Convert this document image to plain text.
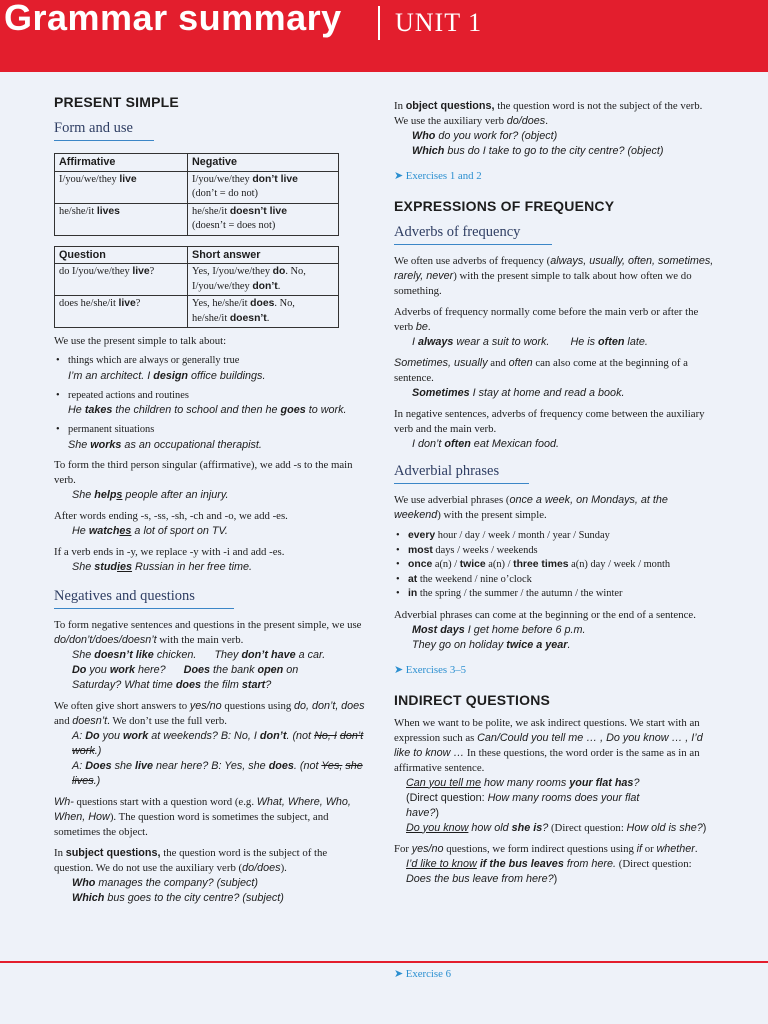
Grammar summary UNIT 1
PRESENT SIMPLE
Form and use
Affirmative	Negative
I/you/we/they live	I/you/we/they don’t live
(don’t = do not)
he/she/it lives	he/she/it doesn’t live
(doesn’t = does not)
Question	Short answer
do I/you/we/they live?	Yes, I/you/we/they do. No,
I/you/we/they don’t.
does he/she/it live?	Yes, he/she/it does. No,
he/she/it doesn’t.

We use the present simple to talk about:

• things which are always or generally true
I’m an architect. I design office buildings.
• repeated actions and routines
He takes the children to school and then he goes to work.
• permanent situations
She works as an occupational therapist.

To form the third person singular (affirmative), we add -s to the main verb.

She helps people after an injury.

After words ending -s, -ss, -sh, -ch and -o, we add -es.

He watches a lot of sport on TV.

If a verb ends in -y, we replace -y with -i and add -es.

She studies Russian in her free time.

Negatives and questions

To form negative sentences and questions in the present simple, we use do/don’t/does/doesn’t with the main verb.

She doesn’t like chicken. They don’t have a car.

Do you work here? Does the bank open on

Saturday? What time does the film start?

We often give short answers to yes/no questions using do, don’t, does and doesn’t. We don’t use the full verb.

A: Do you work at weekends? B: No, I don’t. (not No, I don’t work.)

A: Does she live near here? B: Yes, she does. (not Yes, she lives.)

Wh- questions start with a question word (e.g. What, Where, Who, When, How). The question word is sometimes the subject, and sometimes the object.

In subject questions, the question word is the subject of the question. We do not use the auxiliary verb (do/does).

Who manages the company? (subject)

Which bus goes to the city centre? (subject)

In object questions, the question word is not the subject of the verb. We use the auxiliary verb do/does.

Who do you work for? (object)

Which bus do I take to go to the city centre? (object)

➤ Exercises 1 and 2

EXPRESSIONS OF FREQUENCY
Adverbs of frequency

We often use adverbs of frequency (always, usually, often, sometimes, rarely, never) with the present simple to talk about how often we do something.

Adverbs of frequency normally come before the main verb or after the verb be.

I always wear a suit to work. He is often late.

Sometimes, usually and often can also come at the beginning of a sentence.

Sometimes I stay at home and read a book.

In negative sentences, adverbs of frequency come between the auxiliary verb and the main verb.

I don’t often eat Mexican food.

Adverbial phrases

We use adverbial phrases (once a week, on Mondays, at the weekend) with the present simple.

• every hour / day / week / month / year / Sunday
• most days / weeks / weekends
• once a(n) / twice a(n) / three times a(n) day / week / month
• at the weekend / nine o’clock
• in the spring / the summer / the autumn / the winter

Adverbial phrases can come at the beginning or the end of a sentence.

Most days I get home before 6 p.m. They go on holiday twice a year.

➤ Exercises 3–5

INDIRECT QUESTIONS

When we want to be polite, we ask indirect questions. We start with an expression such as Can/Could you tell me … , Do you know … , I’d like to know … In these questions, the word order is the same as in an affirmative sentence.

Can you tell me how many rooms your flat has?

(Direct question: How many rooms does your flat have?)

Do you know how old she is? (Direct question: How old is she?)

For yes/no questions, we form indirect questions using if or whether.

I’d like to know if the bus leaves from here. (Direct question: Does the bus leave from here?)

➤ Exercise 6
